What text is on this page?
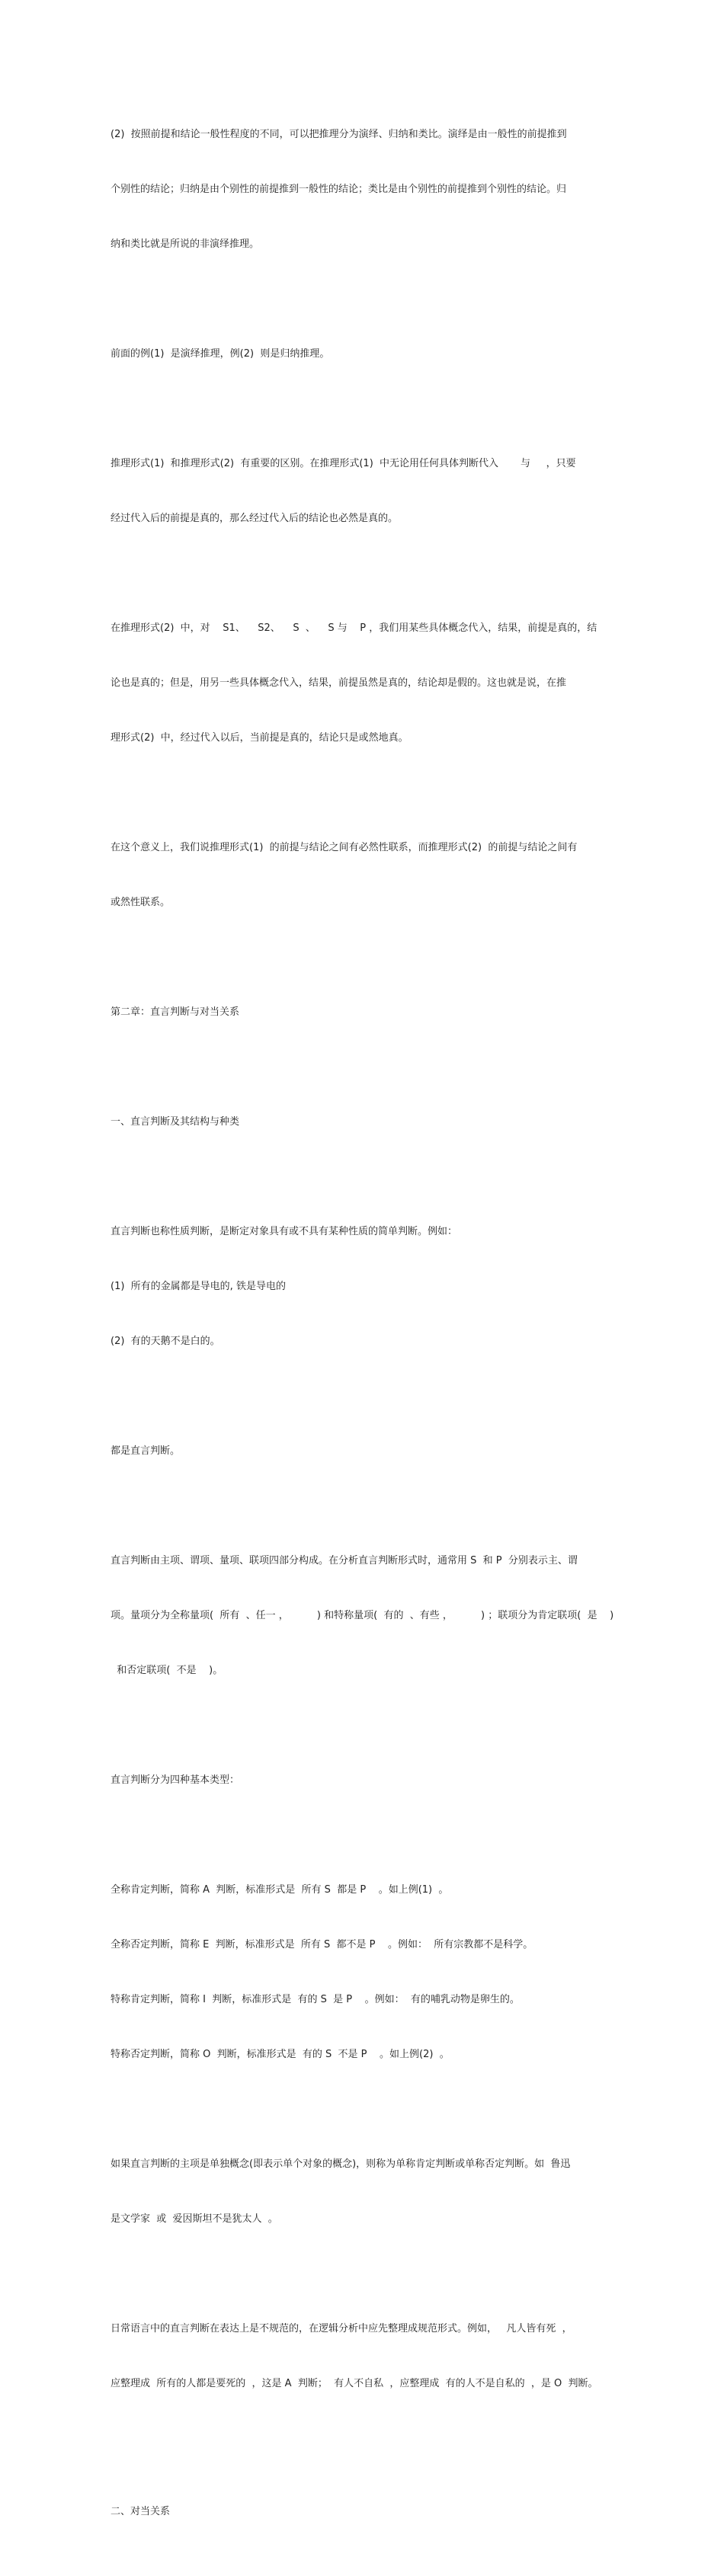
(2)  按照前提和结论一般性程度的不同，可以把推理分为演绎、归纳和类比。演绎是由一般性的前提推到

个别性的结论；归纳是由个别性的前提推到一般性的结论；类比是由个别性的前提推到个别性的结论。归

纳和类比就是所说的非演绎推理。

前面的例(1)  是演绎推理，例(2)  则是归纳推理。

推理形式(1)  和推理形式(2)  有重要的区别。在推理形式(1)  中无论用任何具体判断代入       与     ，只要

经过代入后的前提是真的，那么经过代入后的结论也必然是真的。

在推理形式(2)  中，对    S1、    S2、    S  、    S 与    P ，我们用某些具体概念代入，结果，前提是真的，结

论也是真的；但是，用另一些具体概念代入，结果，前提虽然是真的，结论却是假的。这也就是说，在推

理形式(2)  中，经过代入以后，当前提是真的，结论只是或然地真。

在这个意义上，我们说推理形式(1)  的前提与结论之间有必然性联系，而推理形式(2)  的前提与结论之间有

或然性联系。

第二章：直言判断与对当关系

一、直言判断及其结构与种类

直言判断也称性质判断，是断定对象具有或不具有某种性质的简单判断。例如：

(1)  所有的金属都是导电的, 铁是导电的

(2)  有的天鹅不是白的。

都是直言判断。

直言判断由主项、谓项、量项、联项四部分构成。在分析直言判断形式时，通常用 S  和 P  分别表示主、谓

项。量项分为全称量项(  所有  、任一 ，         ) 和特称量项(  有的  、有些 ，         ) ；联项分为肯定联项(  是    )

和否定联项(  不是    )。

直言判断分为四种基本类型：

全称肯定判断，简称 A  判断，标准形式是  所有 S  都是 P    。如上例(1)  。

全称否定判断，简称 E  判断，标准形式是  所有 S  都不是 P    。例如：  所有宗教都不是科学。

特称肯定判断，简称 I  判断，标准形式是  有的 S  是 P    。例如：  有的哺乳动物是卵生的。

特称否定判断，简称 O  判断，标准形式是  有的 S  不是 P    。如上例(2)  。

如果直言判断的主项是单独概念(即表示单个对象的概念)，则称为单称肯定判断或单称否定判断。如  鲁迅

是文学家  或  爱因斯坦不是犹太人  。

日常语言中的直言判断在表达上是不规范的，在逻辑分析中应先整理成规范形式。例如，   凡人皆有死  ，

应整理成  所有的人都是要死的  ，这是 A  判断；  有人不自私  ，应整理成  有的人不是自私的  ，是 O  判断。

二、对当关系
